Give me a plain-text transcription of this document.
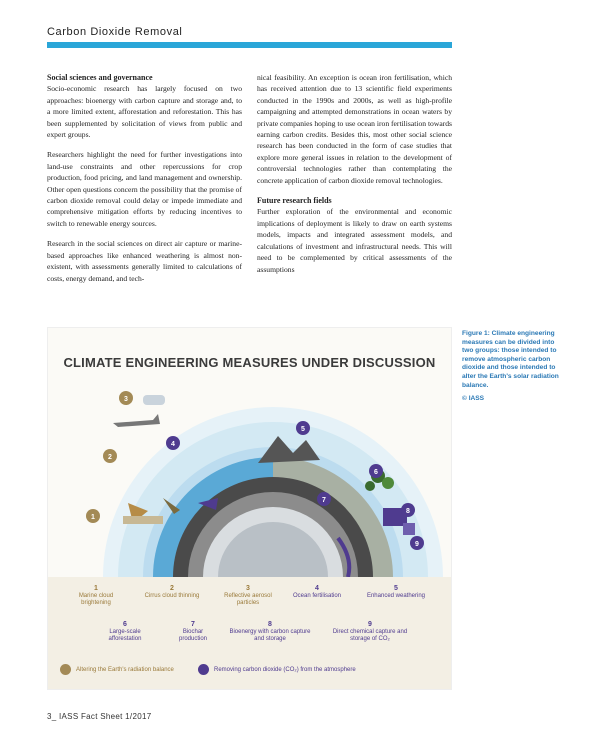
Carbon Dioxide Removal
Social sciences and governance

Socio-economic research has largely focused on two approaches: bioenergy with carbon capture and storage and, to a more limited extent, afforestation and reforestation. This has been supplemented by solicitation of views from public and expert groups.

Researchers highlight the need for further investigations into land-use constraints and other repercussions for crop production, food pricing, and land management and ownership. Other open questions concern the possibility that the promise of carbon dioxide removal could delay or impede immediate and comprehensive mitigation efforts by reducing incentives to switch to renewable energy sources.

Research in the social sciences on direct air capture or marine-based approaches like enhanced weathering is almost non-existent, with assessments generally limited to calculations of costs, energy demand, and tech-

nical feasibility. An exception is ocean iron fertilisation, which has received attention due to 13 scientific field experiments conducted in the 1990s and 2000s, as well as high-profile campaigning and attempted demonstrations in ocean waters by private companies hoping to use ocean iron fertilisation towards earning carbon credits. Besides this, most other social science research has been conducted in the form of case studies that explore more general issues in relation to the development of controversial technologies rather than contemplating the concrete application of carbon dioxide removal technologies.

Future research fields

Further exploration of the environmental and economic implications of deployment is likely to draw on earth systems models, impacts and integrated assessment models, and calculations of investment and infrastructural needs. This will need to be complemented by critical assessments of the assumptions

CLIMATE ENGINEERING MEASURES UNDER DISCUSSION
1
2
3
4
5
6
7
8
9
1
Marine cloud brightening
2
Cirrus cloud thinning
3
Reflective aerosol particles
4
Ocean fertilisation
5
Enhanced weathering
6
Large-scale afforestation
7
Biochar production
8
Bioenergy with carbon capture and storage
9
Direct chemical capture and storage of CO₂
Altering the Earth's radiation balance	Removing carbon dioxide (CO₂) from the atmosphere
Figure 1: Climate engineering measures can be divided into two groups: those intended to remove atmospheric carbon dioxide and those intended to alter the Earth's solar radiation balance.
© IASS
3_ IASS Fact Sheet 1/2017
